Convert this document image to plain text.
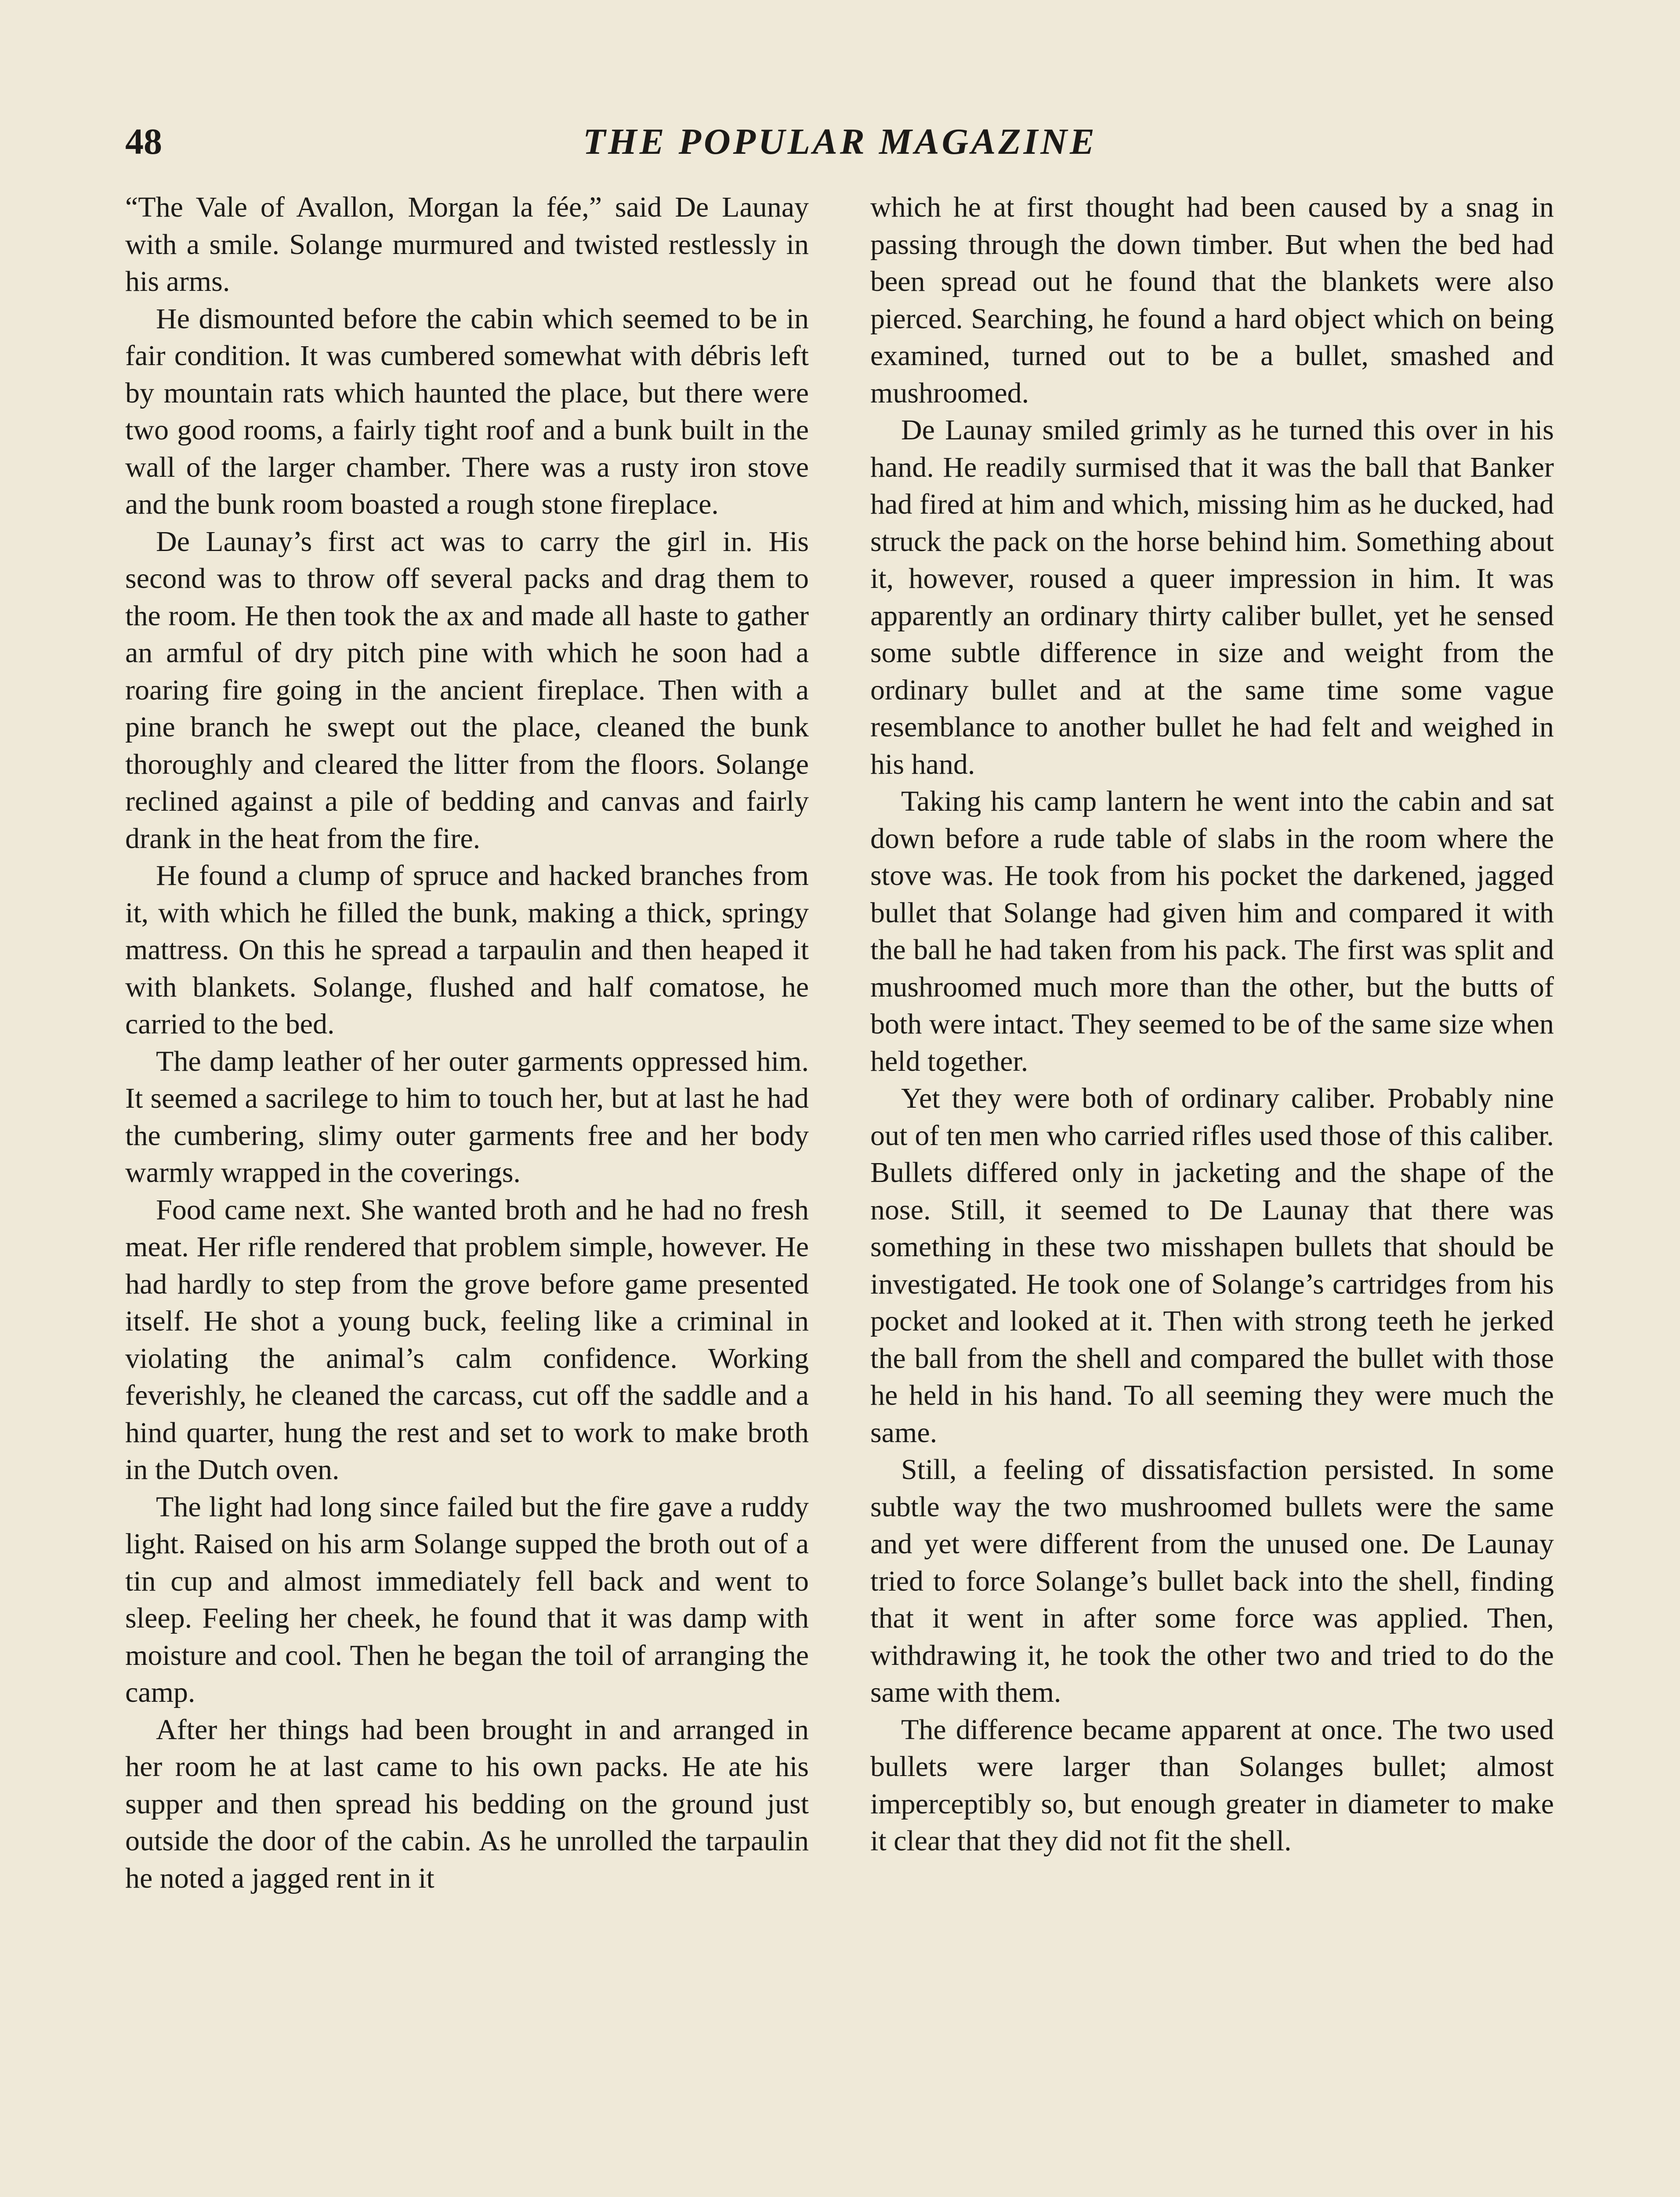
48	THE POPULAR MAGAZINE

“The Vale of Avallon, Morgan la fée,” said De Launay with a smile. Solange murmured and twisted restlessly in his arms.

He dismounted before the cabin which seemed to be in fair condition. It was cumbered somewhat with débris left by mountain rats which haunted the place, but there were two good rooms, a fairly tight roof and a bunk built in the wall of the larger chamber. There was a rusty iron stove and the bunk room boasted a rough stone fireplace.

De Launay’s first act was to carry the girl in. His second was to throw off several packs and drag them to the room. He then took the ax and made all haste to gather an armful of dry pitch pine with which he soon had a roaring fire going in the ancient fireplace. Then with a pine branch he swept out the place, cleaned the bunk thoroughly and cleared the litter from the floors. Solange reclined against a pile of bedding and canvas and fairly drank in the heat from the fire.

He found a clump of spruce and hacked branches from it, with which he filled the bunk, making a thick, springy mattress. On this he spread a tarpaulin and then heaped it with blankets. Solange, flushed and half comatose, he carried to the bed.

The damp leather of her outer garments oppressed him. It seemed a sacrilege to him to touch her, but at last he had the cumbering, slimy outer garments free and her body warmly wrapped in the coverings.

Food came next. She wanted broth and he had no fresh meat. Her rifle rendered that problem simple, however. He had hardly to step from the grove before game presented itself. He shot a young buck, feeling like a criminal in violating the animal’s calm confidence. Working feverishly, he cleaned the carcass, cut off the saddle and a hind quarter, hung the rest and set to work to make broth in the Dutch oven.

The light had long since failed but the fire gave a ruddy light. Raised on his arm Solange supped the broth out of a tin cup and almost immediately fell back and went to sleep. Feeling her cheek, he found that it was damp with moisture and cool. Then he began the toil of arranging the camp.

After her things had been brought in and arranged in her room he at last came to his own packs. He ate his supper and then spread his bedding on the ground just outside the door of the cabin. As he unrolled the tarpaulin he noted a jagged rent in it

which he at first thought had been caused by a snag in passing through the down timber. But when the bed had been spread out he found that the blankets were also pierced. Searching, he found a hard object which on being examined, turned out to be a bullet, smashed and mushroomed.

De Launay smiled grimly as he turned this over in his hand. He readily surmised that it was the ball that Banker had fired at him and which, missing him as he ducked, had struck the pack on the horse behind him. Something about it, however, roused a queer impression in him. It was apparently an ordinary thirty caliber bullet, yet he sensed some subtle difference in size and weight from the ordinary bullet and at the same time some vague resemblance to another bullet he had felt and weighed in his hand.

Taking his camp lantern he went into the cabin and sat down before a rude table of slabs in the room where the stove was. He took from his pocket the darkened, jagged bullet that Solange had given him and compared it with the ball he had taken from his pack. The first was split and mushroomed much more than the other, but the butts of both were intact. They seemed to be of the same size when held together.

Yet they were both of ordinary caliber. Probably nine out of ten men who carried rifles used those of this caliber. Bullets differed only in jacketing and the shape of the nose. Still, it seemed to De Launay that there was something in these two misshapen bullets that should be investigated. He took one of Solange’s cartridges from his pocket and looked at it. Then with strong teeth he jerked the ball from the shell and compared the bullet with those he held in his hand. To all seeming they were much the same.

Still, a feeling of dissatisfaction persisted. In some subtle way the two mushroomed bullets were the same and yet were different from the unused one. De Launay tried to force Solange’s bullet back into the shell, finding that it went in after some force was applied. Then, withdrawing it, he took the other two and tried to do the same with them.

The difference became apparent at once. The two used bullets were larger than Solanges bullet; almost imperceptibly so, but enough greater in diameter to make it clear that they did not fit the shell.
